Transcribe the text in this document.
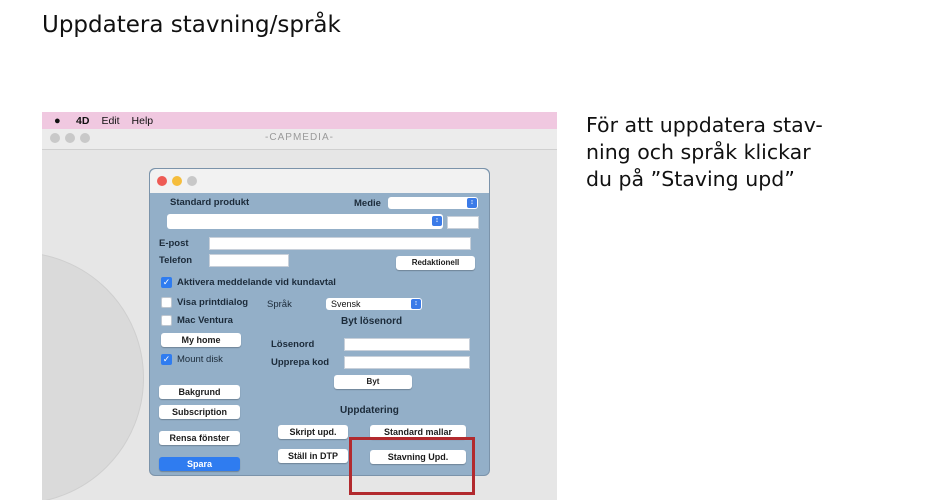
Uppdatera stavning/språk
●	4D Edit Help
-CAPMEDIA-
Standard produkt	Medie	↕
↕
E-post
Telefon	Redaktionell
✓ Aktivera meddelande vid kundavtal
Visa printdialog
Mac Ventura
Språk	Svensk	↕
Byt lösenord
My home
✓ Mount disk
Lösenord
Upprepa kod
Byt
Bakgrund
Subscription	Uppdatering
Rensa fönster
Skript upd.	Standard mallar
Spara
Ställ in DTP	Stavning Upd.
För att uppdatera stav-
ning och språk klickar
du på ”Staving upd”
